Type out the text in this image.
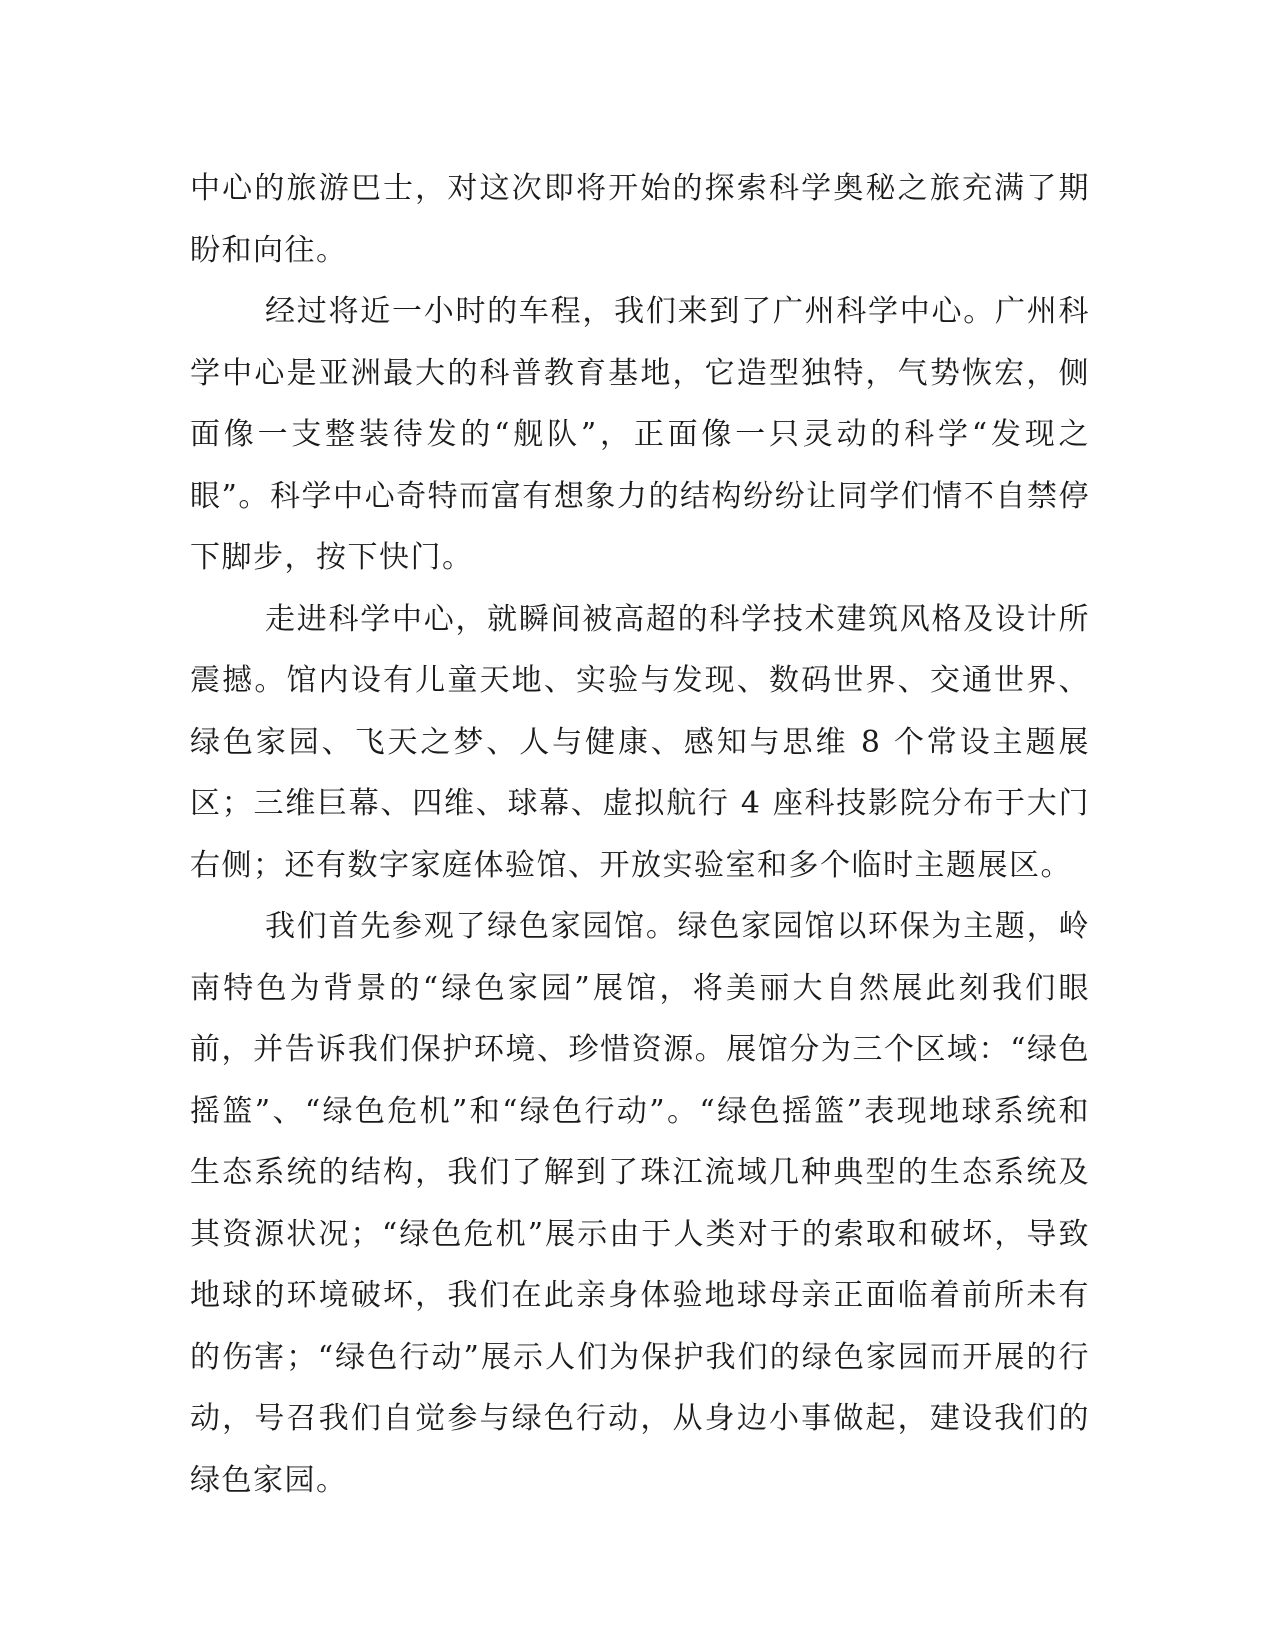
中心的旅游巴士，对这次即将开始的探索科学奥秘之旅充满了期盼和向往。

经过将近一小时的车程，我们来到了广州科学中心。广州科学中心是亚洲最大的科普教育基地，它造型独特，气势恢宏，侧面像一支整装待发的“舰队”，正面像一只灵动的科学“发现之眼”。科学中心奇特而富有想象力的结构纷纷让同学们情不自禁停下脚步，按下快门。

走进科学中心，就瞬间被高超的科学技术建筑风格及设计所震撼。馆内设有儿童天地、实验与发现、数码世界、交通世界、绿色家园、飞天之梦、人与健康、感知与思维 8 个常设主题展区；三维巨幕、四维、球幕、虚拟航行 4 座科技影院分布于大门右侧；还有数字家庭体验馆、开放实验室和多个临时主题展区。

我们首先参观了绿色家园馆。绿色家园馆以环保为主题，岭南特色为背景的“绿色家园”展馆，将美丽大自然展此刻我们眼前，并告诉我们保护环境、珍惜资源。展馆分为三个区域：“绿色摇篮”、“绿色危机”和“绿色行动”。“绿色摇篮”表现地球系统和生态系统的结构，我们了解到了珠江流域几种典型的生态系统及其资源状况；“绿色危机”展示由于人类对于的索取和破坏，导致地球的环境破坏，我们在此亲身体验地球母亲正面临着前所未有的伤害；“绿色行动”展示人们为保护我们的绿色家园而开展的行动，号召我们自觉参与绿色行动，从身边小事做起，建设我们的绿色家园。
